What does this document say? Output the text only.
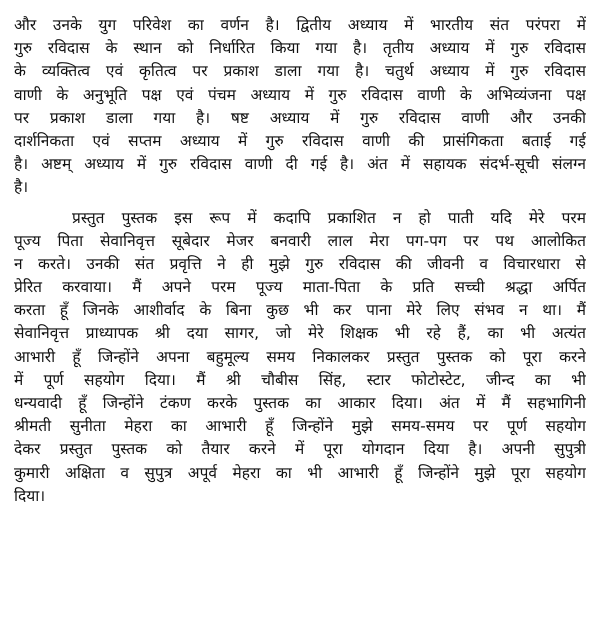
और उनके युग परिवेश का वर्णन है। द्वितीय अध्याय में भारतीय संत परंपरा में
गुरु रविदास के स्थान को निर्धारित किया गया है। तृतीय अध्याय में गुरु रविदास
के व्यक्तित्व एवं कृतित्व पर प्रकाश डाला गया है। चतुर्थ अध्याय में गुरु रविदास
वाणी के अनुभूति पक्ष एवं पंचम अध्याय में गुरु रविदास वाणी के अभिव्यंजना पक्ष
पर प्रकाश डाला गया है। षष्ट अध्याय में गुरु रविदास वाणी और उनकी
दार्शनिकता एवं सप्तम अध्याय में गुरु रविदास वाणी की प्रासंगिकता बताई गई
है। अष्टम् अध्याय में गुरु रविदास वाणी दी गई है। अंत में सहायक संदर्भ-सूची संलग्न
है।
प्रस्तुत पुस्तक इस रूप में कदापि प्रकाशित न हो पाती यदि मेरे परम
पूज्य पिता सेवानिवृत्त सूबेदार मेजर बनवारी लाल मेरा पग-पग पर पथ आलोकित
न करते। उनकी संत प्रवृत्ति ने ही मुझे गुरु रविदास की जीवनी व विचारधारा से
प्रेरित करवाया। मैं अपने परम पूज्य माता-पिता के प्रति सच्ची श्रद्धा अर्पित
करता हूँ जिनके आशीर्वाद के बिना कुछ भी कर पाना मेरे लिए संभव न था। मैं
सेवानिवृत्त प्राध्यापक श्री दया सागर, जो मेरे शिक्षक भी रहे हैं, का भी अत्यंत
आभारी हूँ जिन्होंने अपना बहुमूल्य समय निकालकर प्रस्तुत पुस्तक को पूरा करने
में पूर्ण सहयोग दिया। मैं श्री चौबीस सिंह, स्टार फोटोस्टेट, जीन्द का भी
धन्यवादी हूँ जिन्होंने टंकण करके पुस्तक का आकार दिया। अंत में मैं सहभागिनी
श्रीमती सुनीता मेहरा का आभारी हूँ जिन्होंने मुझे समय-समय पर पूर्ण सहयोग
देकर प्रस्तुत पुस्तक को तैयार करने में पूरा योगदान दिया है। अपनी सुपुत्री
कुमारी अक्षिता व सुपुत्र अपूर्व मेहरा का भी आभारी हूँ जिन्होंने मुझे पूरा सहयोग
दिया।
